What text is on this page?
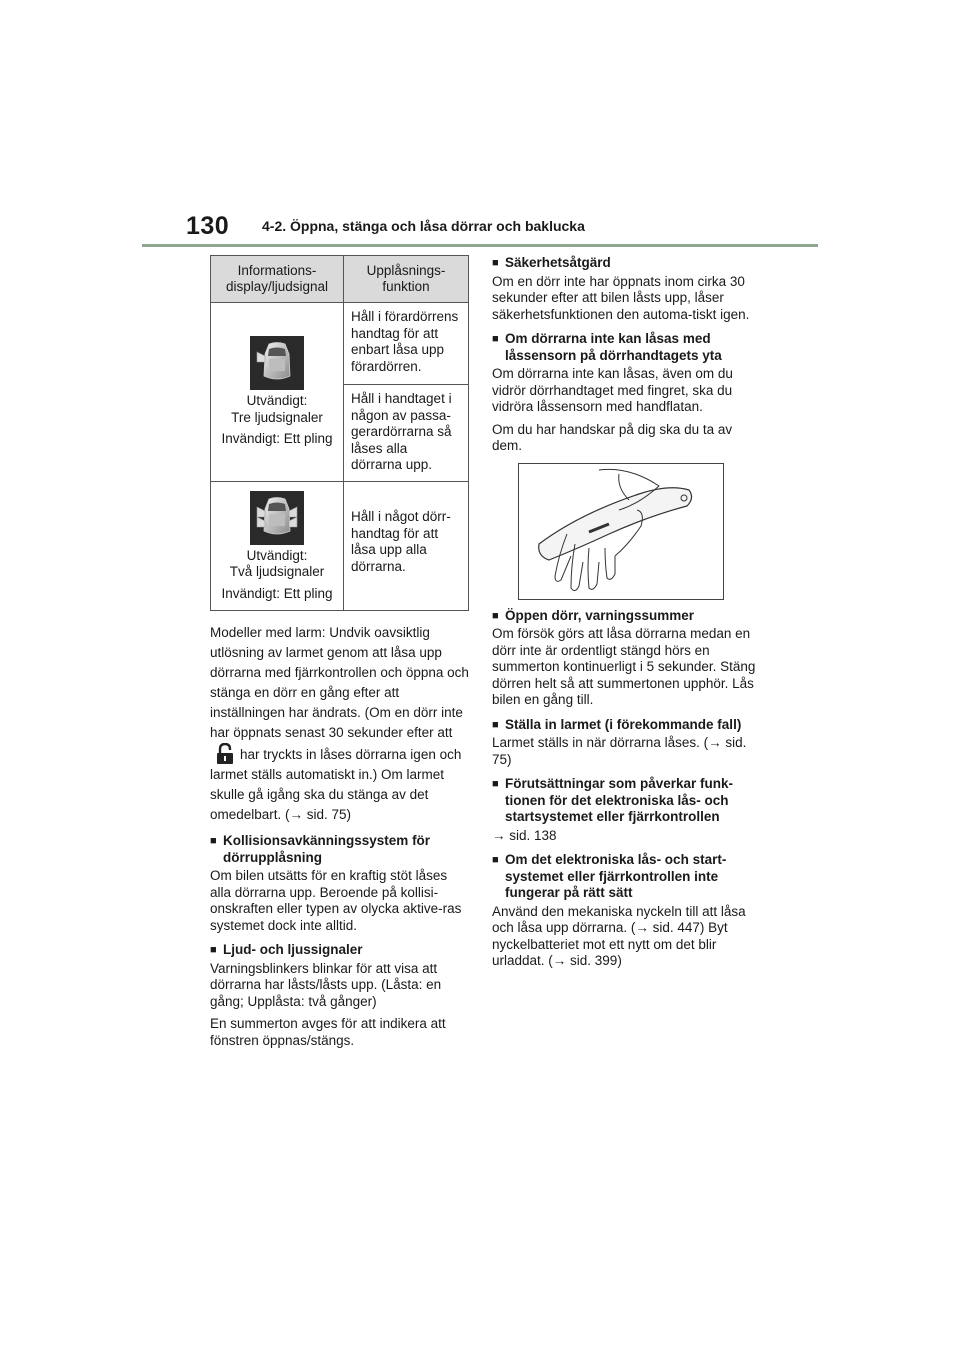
130 4-2. Öppna, stänga och låsa dörrar och baklucka
Informations-
display/ljudsignal	Upplåsnings-
funktion

Utvändigt:
Tre ljudsignaler
Invändigt: Ett pling	Håll i förardörrens handtag för att enbart låsa upp förardörren.
	Håll i handtaget i någon av passa-gerardörrarna så låses alla dörrarna upp.

Utvändigt:
Två ljudsignaler
Invändigt: Ett pling	Håll i något dörr-handtag för att låsa upp alla dörrarna.

Modeller med larm: Undvik oavsiktlig utlösning av larmet genom att låsa upp dörrarna med fjärrkontrollen och öppna och stänga en dörr en gång efter att inställningen har ändrats. (Om en dörr inte har öppnats senast 30 sekunder efter att har tryckts in låses dörrarna igen och larmet ställs automatiskt in.) Om larmet skulle gå igång ska du stänga av det omedelbart. (→ sid. 75)

■ Kollisionsavkänningssystem för dörrupplåsning

Om bilen utsätts för en kraftig stöt låses alla dörrarna upp. Beroende på kollisi-onskraften eller typen av olycka aktive-ras systemet dock inte alltid.

■ Ljud- och ljussignaler

Varningsblinkers blinkar för att visa att dörrarna har låsts/låsts upp. (Låsta: en gång; Upplåsta: två gånger)

En summerton avges för att indikera att fönstren öppnas/stängs.

■ Säkerhetsåtgärd

Om en dörr inte har öppnats inom cirka 30 sekunder efter att bilen låsts upp, låser säkerhetsfunktionen den automa-tiskt igen.

■ Om dörrarna inte kan låsas med låssensorn på dörrhandtagets yta

Om dörrarna inte kan låsas, även om du vidrör dörrhandtaget med fingret, ska du vidröra låssensorn med handflatan.

Om du har handskar på dig ska du ta av dem.

■ Öppen dörr, varningssummer

Om försök görs att låsa dörrarna medan en dörr inte är ordentligt stängd hörs en summerton kontinuerligt i 5 sekunder. Stäng dörren helt så att summertonen upphör. Lås bilen en gång till.

■ Ställa in larmet (i förekommande fall)

Larmet ställs in när dörrarna låses. (→ sid. 75)

■ Förutsättningar som påverkar funk-tionen för det elektroniska lås- och startsystemet eller fjärrkontrollen

→ sid. 138

■ Om det elektroniska lås- och start-systemet eller fjärrkontrollen inte fungerar på rätt sätt

Använd den mekaniska nyckeln till att låsa och låsa upp dörrarna. (→ sid. 447) Byt nyckelbatteriet mot ett nytt om det blir urladdat. (→ sid. 399)
